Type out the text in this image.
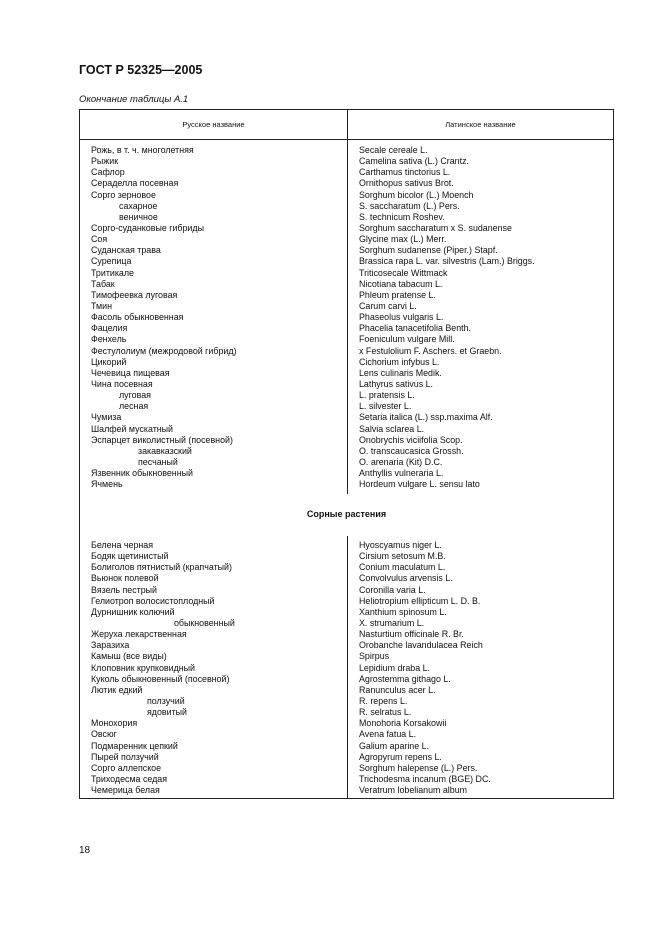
ГОСТ Р 52325—2005
Окончание таблицы А.1
Русское название	Латинское название
Рожь, в т. ч. многолетняя	Secale cereale L.
Рыжик	Camelina sativa (L.) Crantz.
Сафлор	Carthamus tinctorius L.
Сераделла посевная	Ornithopus sativus Brot.
Сорго зерновое	Sorghum bicolor (L.) Moench
сахарное	S. saccharatum (L.) Pers.
веничное	S. technicum Roshev.
Сорго-суданковые гибриды	Sorghum saccharatum x S. sudanense
Соя	Glycine max (L.) Merr.
Суданская трава	Sorghum sudanense (Piper.) Stapf.
Сурепица	Brassica rapa L. var. silvestris (Lam.) Briggs.
Тритикале	Triticosecale Wittmack
Табак	Nicotiana tabacum L.
Тимофеевка луговая	Phleum pratense L.
Тмин	Carum carvi L.
Фасоль обыкновенная	Phaseolus vulgaris L.
Фацелия	Phacelia tanacetifolia Benth.
Фенхель	Foeniculum vulgare Mill.
Фестулолиум (межродовой гибрид)	x Festulolium F. Aschers. et Graebn.
Цикорий	Cichorium infybus L.
Чечевица пищевая	Lens culinaris Medik.
Чина посевная	Lathyrus sativus L.
луговая	L. pratensis L.
лесная	L. silvester L.
Чумиза	Setaria italica (L.) ssp.maxima Alf.
Шалфей мускатный	Salvia sclarea L.
Эспарцет виколистный (посевной)	Onobrychis viciifolia Scop.
закавказский	O. transcaucasica Grossh.
песчаный	O. arenaria (Kit) D.C.
Язвенник обыкновенный	Anthyllis vulneraria L.
Ячмень	Hordeum vulgare L. sensu lato
Сорные растения
Белена черная	Hyoscyamus niger L.
Бодяк щетинистый	Cirsium setosum M.B.
Болиголов пятнистый (крапчатый)	Conium maculatum L.
Вьюнок полевой	Convolvulus arvensis L.
Вязель пестрый	Coronilla varia L.
Гелиотроп волосистоплодный	Heliotropium ellipticum L. D. B.
Дурнишник колючий	Xanthium spinosum L.
обыкновенный	X. strumarium L.
Жеруха лекарственная	Nasturtium officinale R. Br.
Заразиха	Orobanche lavandulacea Reich
Камыш (все виды)	Spirpus
Клоповник крупковидный	Lepidium draba L.
Куколь обыкновенный (посевной)	Agrostemma githago L.
Лютик едкий	Ranunculus acer L.
ползучий	R. repens L.
ядовитый	R. selratus L.
Монохория	Monohoria Korsakowii
Овсюг	Avena fatua L.
Подмаренник цепкий	Galium aparine L.
Пырей ползучий	Agropyrum repens L.
Сорго аллепское	Sorghum halepense (L.) Pers.
Триходесма седая	Trichodesma incanum (BGE) DC.
Чемерица белая	Veratrum lobelianum album
18
